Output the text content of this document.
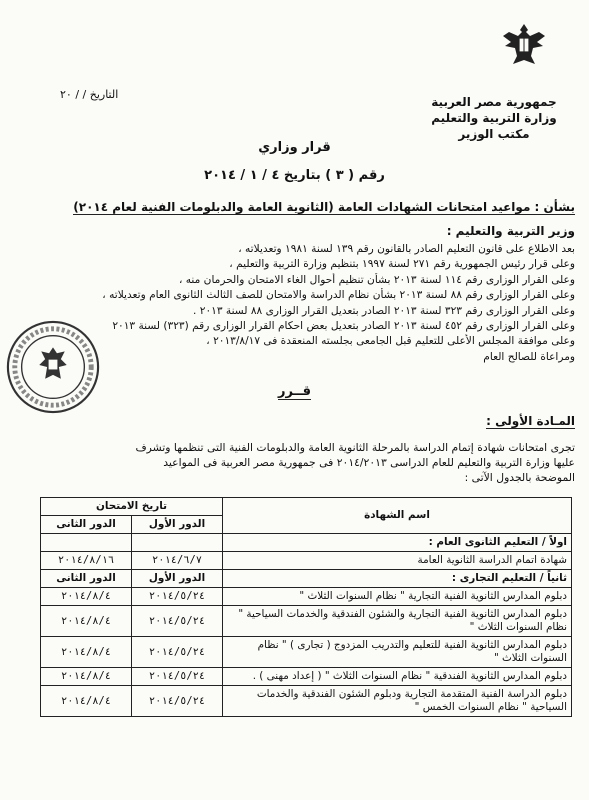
جمهورية مصر العربية
وزارة التربية والتعليم
مكتب الوزير
التاريخ / / ٢٠
قرار وزاري
رقم ( ٣ ) بتاريخ ٤ / ١ / ٢٠١٤
بشأن : مواعيد امتحانات الشهادات العامة (الثانوية العامة والدبلومات الفنية لعام ٢٠١٤)
وزير التربية والتعليم :
بعد الاطلاع على قانون التعليم الصادر بالقانون رقم ١٣٩ لسنة ١٩٨١ وتعديلاته ،
وعلى قرار رئيس الجمهورية رقم ٢٧١ لسنة ١٩٩٧ بتنظيم وزارة التربية والتعليم ،
وعلى القرار الوزارى رقم ١١٤ لسنة ٢٠١٣ بشأن تنظيم أحوال الغاء الامتحان والحرمان منه ،
وعلى القرار الوزارى رقم ٨٨ لسنة ٢٠١٣ بشأن نظام الدراسة والامتحان للصف الثالث الثانوى العام وتعديلاته ،
وعلى القرار الوزارى رقم ٣٢٣ لسنة ٢٠١٣ الصادر بتعديل القرار الوزارى ٨٨ لسنة ٢٠١٣ .
وعلى القرار الوزارى رقم ٤٥٢ لسنة ٢٠١٣ الصادر بتعديل بعض احكام القرار الوزارى رقم (٣٢٣) لسنة ٢٠١٣
وعلى موافقة المجلس الأعلى للتعليم قبل الجامعى بجلسته المنعقدة فى ٢٠١٣/٨/١٧ ،
ومراعاة للصالح العام
قــرر
المـادة الأولى :
تجرى امتحانات شهادة إتمام الدراسة بالمرحلة الثانوية العامة والدبلومات الفنية التى تنظمها وتشرف
عليها وزارة التربية والتعليم للعام الدراسى ٢٠١٤/٢٠١٣ فى جمهورية مصر العربية فى المواعيد
الموضحة بالجدول الآتى :
اسم الشهادة	تاريخ الامتحان	
	الدور الأول	الدور الثانى
اولاً / التعليم الثانوى العام :		
شهادة اتمام الدراسة الثانوية العامة	٢٠١٤/٦/٧	٢٠١٤/٨/١٦
ثانياً / التعليم التجارى :	الدور الأول	الدور الثانى
دبلوم المدارس الثانوية الفنية التجارية " نظام السنوات الثلاث "	٢٠١٤/٥/٢٤	٢٠١٤/٨/٤
دبلوم المدارس الثانوية الفنية التجارية والشئون الفندقية والخدمات السياحية " نظام السنوات الثلاث "	٢٠١٤/٥/٢٤	٢٠١٤/٨/٤
دبلوم المدارس الثانوية الفنية للتعليم والتدريب المزدوج ( تجارى ) " نظام السنوات الثلاث "	٢٠١٤/٥/٢٤	٢٠١٤/٨/٤
دبلوم المدارس الثانوية الفندقية " نظام السنوات الثلاث " ( إعداد مهنى ) .	٢٠١٤/٥/٢٤	٢٠١٤/٨/٤
دبلوم الدراسة الفنية المتقدمة التجارية ودبلوم الشئون الفندقية والخدمات السياحية " نظام السنوات الخمس "	٢٠١٤/٥/٢٤	٢٠١٤/٨/٤
